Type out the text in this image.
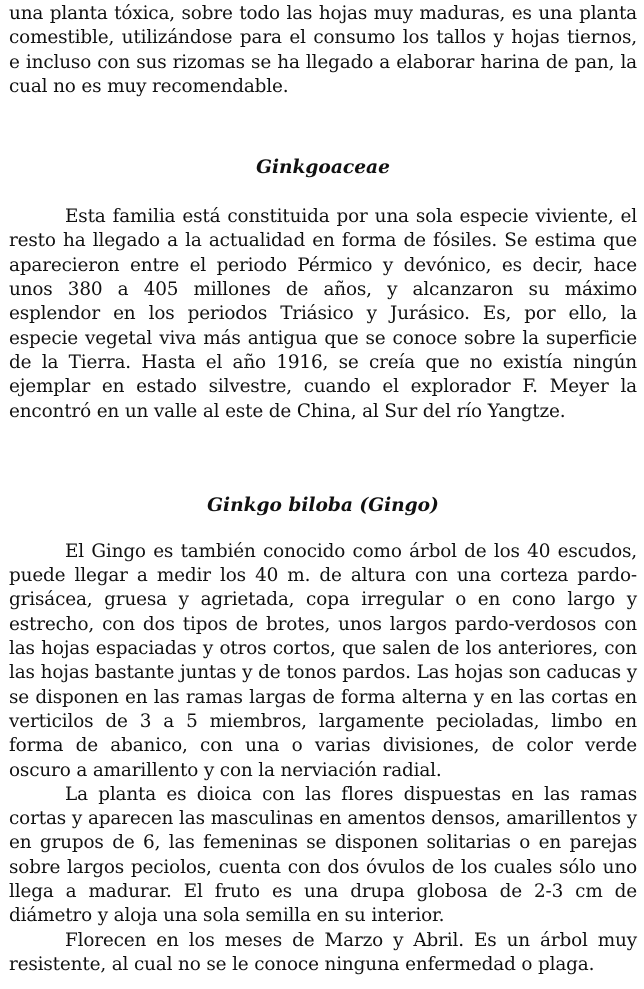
una planta tóxica, sobre todo las hojas muy maduras, es una planta comestible, utilizándose para el consumo los tallos y hojas tiernos, e incluso con sus rizomas se ha llegado a elaborar harina de pan, la cual no es muy recomendable.

Ginkgoaceae

Esta familia está constituida por una sola especie viviente, el resto ha llegado a la actualidad en forma de fósiles. Se estima que aparecieron entre el periodo Pérmico y devónico, es decir, hace unos 380 a 405 millones de años, y alcanzaron su máximo esplendor en los periodos Triásico y Jurásico. Es, por ello, la especie vegetal viva más antigua que se conoce sobre la superficie de la Tierra. Hasta el año 1916, se creía que no existía ningún ejemplar en estado silvestre, cuando el explorador F. Meyer la encontró en un valle al este de China, al Sur del río Yangtze.

Ginkgo biloba (Gingo)

El Gingo es también conocido como árbol de los 40 escudos, puede llegar a medir los 40 m. de altura con una corteza pardo-grisácea, gruesa y agrietada, copa irregular o en cono largo y estrecho, con dos tipos de brotes, unos largos pardo-verdosos con las hojas espaciadas y otros cortos, que salen de los anteriores, con las hojas bastante juntas y de tonos pardos. Las hojas son caducas y se disponen en las ramas largas de forma alterna y en las cortas en verticilos de 3 a 5 miembros, largamente pecioladas, limbo en forma de abanico, con una o varias divisiones, de color verde oscuro a amarillento y con la nerviación radial.

La planta es dioica con las flores dispuestas en las ramas cortas y aparecen las masculinas en amentos densos, amarillentos y en grupos de 6, las femeninas se disponen solitarias o en parejas sobre largos peciolos, cuenta con dos óvulos de los cuales sólo uno llega a madurar. El fruto es una drupa globosa de 2-3 cm de diámetro y aloja una sola semilla en su interior.

Florecen en los meses de Marzo y Abril. Es un árbol muy resistente, al cual no se le conoce ninguna enfermedad o plaga.
